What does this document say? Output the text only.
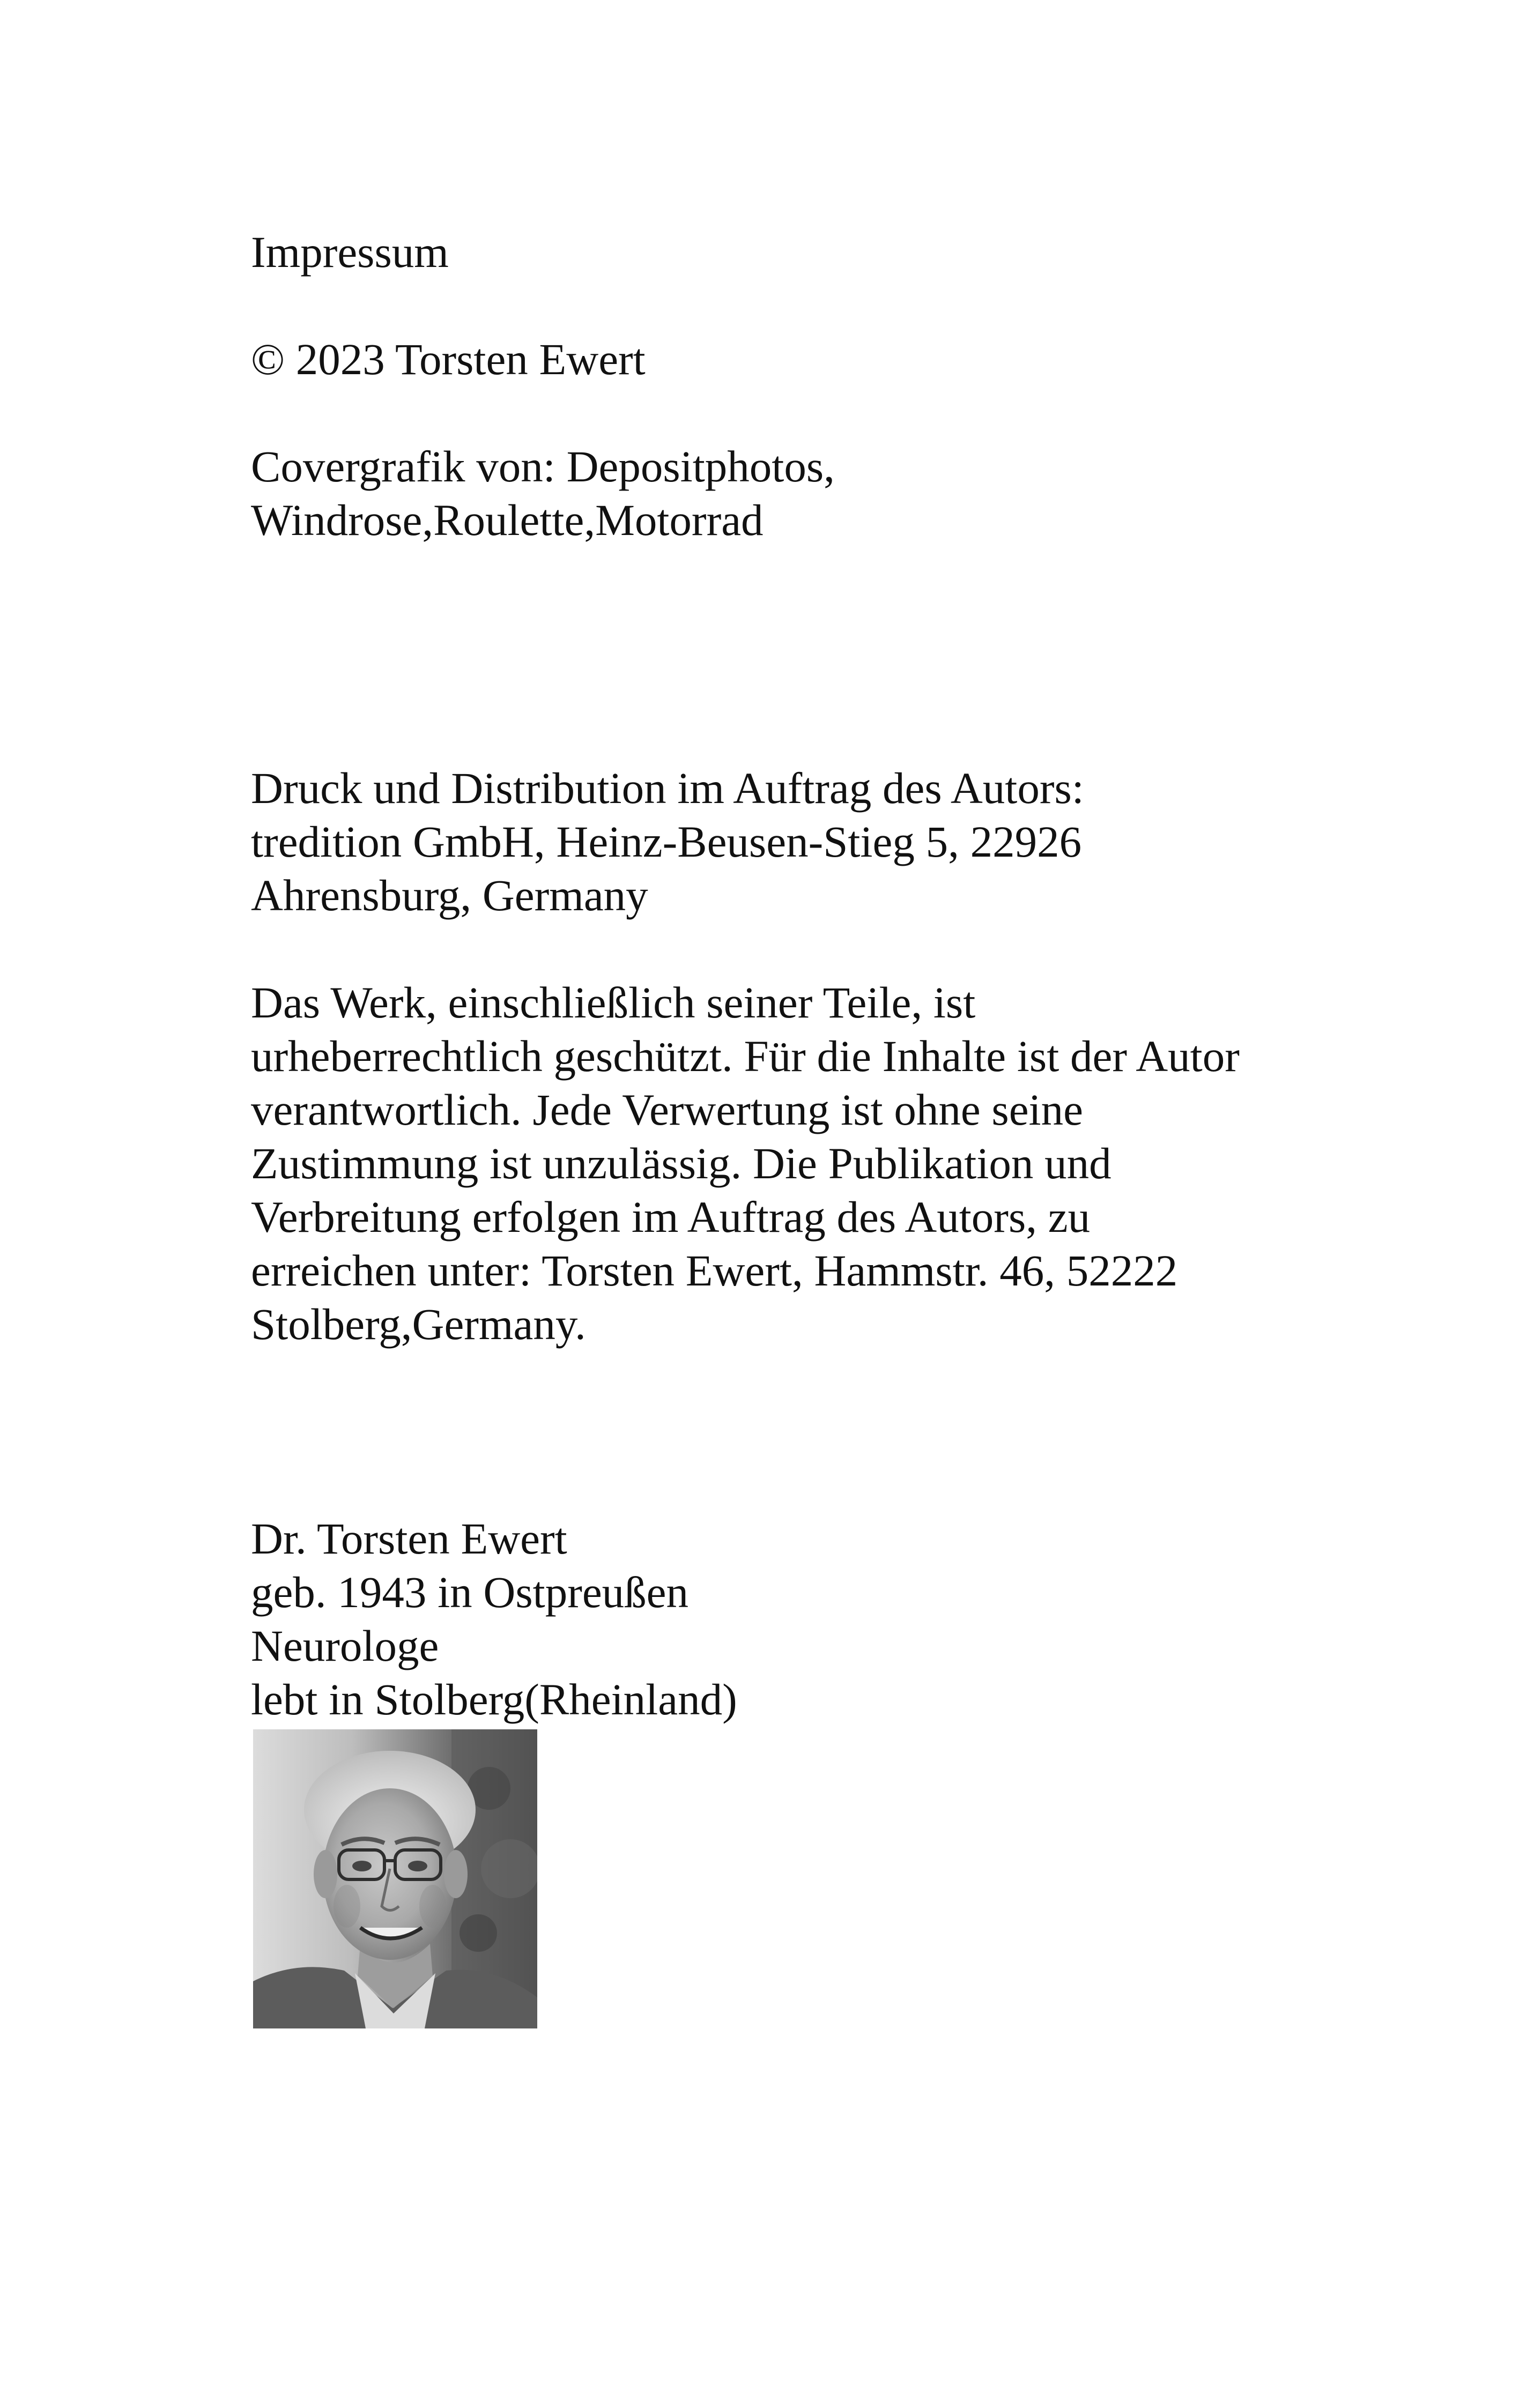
Impressum
© 2023 Torsten Ewert
Covergrafik von: Depositphotos,
Windrose,Roulette,Motorrad
Druck und Distribution im Auftrag des Autors:
tredition GmbH, Heinz-Beusen-Stieg 5, 22926
Ahrensburg, Germany
Das Werk, einschließlich seiner Teile, ist
urheberrechtlich geschützt. Für die Inhalte ist der Autor
verantwortlich. Jede Verwertung ist ohne seine
Zustimmung ist unzulässig. Die Publikation und
Verbreitung erfolgen im Auftrag des Autors, zu
erreichen unter: Torsten Ewert, Hammstr. 46, 52222
Stolberg,Germany.
Dr. Torsten Ewert
geb. 1943 in Ostpreußen
Neurologe
lebt in Stolberg(Rheinland)
